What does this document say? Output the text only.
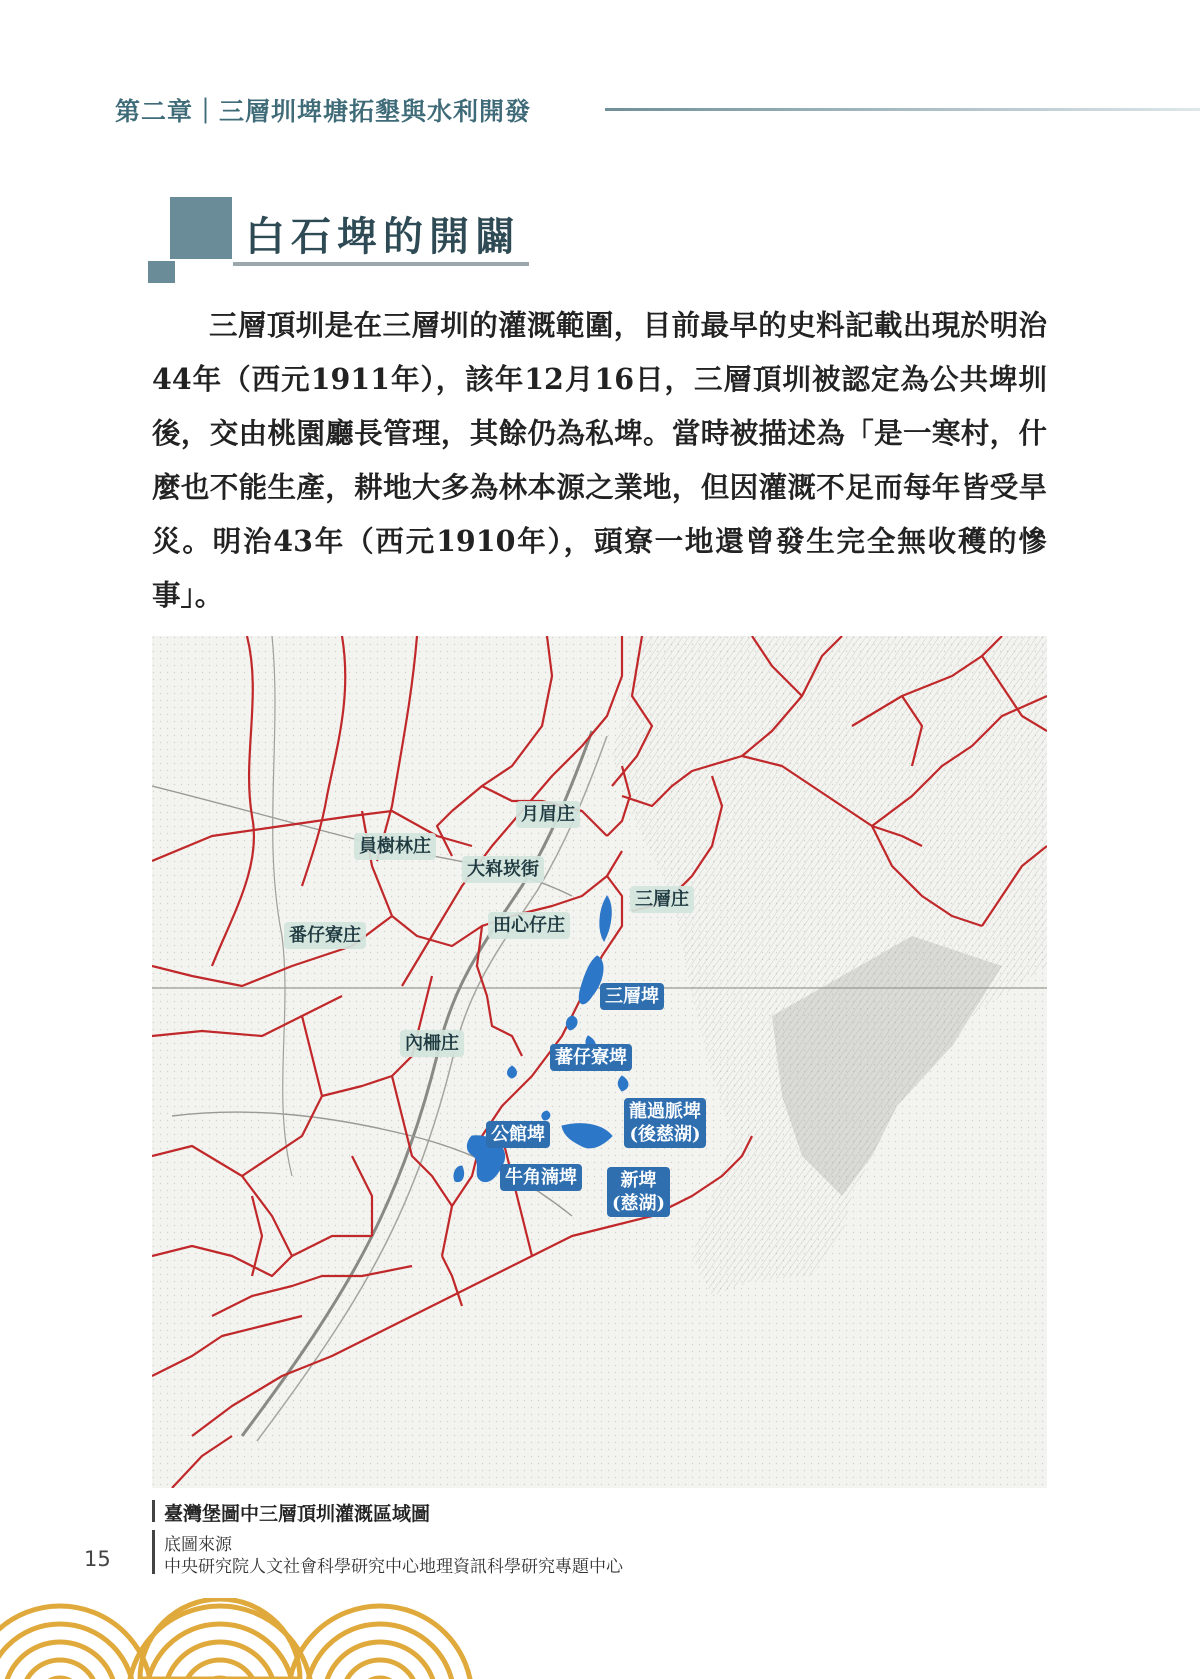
第二章｜三層圳埤塘拓墾與水利開發
白石埤的開闢

三層頂圳是在三層圳的灌溉範圍，目前最早的史料記載出現於明治44年（西元1911年），該年12月16日，三層頂圳被認定為公共埤圳後，交由桃園廳長管理，其餘仍為私埤。當時被描述為「是一寒村，什麼也不能生產，耕地大多為林本源之業地，但因灌溉不足而每年皆受旱災。明治43年（西元1910年），頭寮一地還曾發生完全無收穫的慘事」。

月眉庄
員樹林庄
大嵙崁街
三層庄
田心仔庄
番仔寮庄
內柵庄
三層埤
蕃仔寮埤
公館埤
牛角湳埤
龍過脈埤
(後慈湖)
新埤
(慈湖)
臺灣堡圖中三層頂圳灌溉區域圖
底圖來源
中央研究院人文社會科學研究中心地理資訊科學研究專題中心
15
